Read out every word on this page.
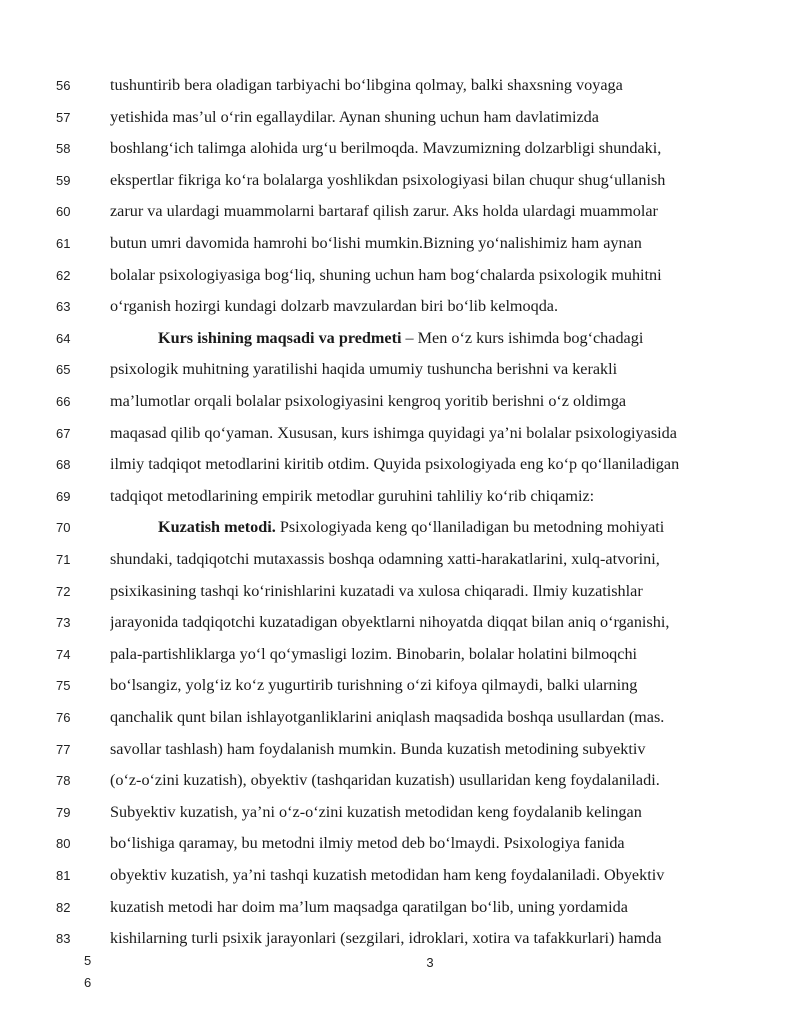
56	tushuntirib bera oladigan tarbiyachi bo‘libgina qolmay, balki shaxsning voyaga
57	yetishida mas’ul o‘rin egallaydilar. Aynan shuning uchun ham davlatimizda
58	boshlang‘ich talimga alohida urg‘u berilmoqda. Mavzumizning dolzarbligi shundaki,
59	ekspertlar fikriga ko‘ra bolalarga yoshlikdan psixologiyasi bilan chuqur shug‘ullanish
60	zarur va ulardagi muammolarni bartaraf qilish zarur. Aks holda ulardagi muammolar
61	butun umri davomida hamrohi bo‘lishi mumkin.Bizning yo‘nalishimiz ham aynan
62	bolalar psixologiyasiga bog‘liq, shuning uchun ham bog‘chalarda psixologik muhitni
63	o‘rganish hozirgi kundagi dolzarb mavzulardan biri bo‘lib kelmoqda.
64	Kurs ishining maqsadi va predmeti – Men o‘z kurs ishimda bog‘chadagi
65	psixologik muhitning yaratilishi haqida umumiy tushuncha berishni va kerakli
66	ma’lumotlar orqali bolalar psixologiyasini kengroq yoritib berishni o‘z oldimga
67	maqasad qilib qo‘yaman. Xususan, kurs ishimga quyidagi ya’ni bolalar psixologiyasida
68	ilmiy tadqiqot metodlarini kiritib otdim. Quyida psixologiyada eng ko‘p qo‘llaniladigan
69	tadqiqot metodlarining empirik metodlar guruhini tahliliy ko‘rib chiqamiz:
70	Kuzatish metodi. Psixologiyada keng qo‘llaniladigan bu metodning mohiyati
71	shundaki, tadqiqotchi mutaxassis boshqa odamning xatti-harakatlarini, xulq-atvorini,
72	psixikasining tashqi ko‘rinishlarini kuzatadi va xulosa chiqaradi. Ilmiy kuzatishlar
73	jarayonida tadqiqotchi kuzatadigan obyektlarni nihoyatda diqqat bilan aniq o‘rganishi,
74	pala-partishliklarga yo‘l qo‘ymasligi lozim. Binobarin, bolalar holatini bilmoqchi
75	bo‘lsangiz, yolg‘iz ko‘z yugurtirib turishning o‘zi kifoya qilmaydi, balki ularning
76	qanchalik qunt bilan ishlayotganliklarini aniqlash maqsadida boshqa usullardan (mas.
77	savollar tashlash) ham foydalanish mumkin. Bunda kuzatish metodining subyektiv
78	(o‘z-o‘zini kuzatish), obyektiv (tashqaridan kuzatish) usullaridan keng foydalaniladi.
79	Subyektiv kuzatish, ya’ni o‘z-o‘zini kuzatish metodidan keng foydalanib kelingan
80	bo‘lishiga qaramay, bu metodni ilmiy metod deb bo‘lmaydi. Psixologiya fanida
81	obyektiv kuzatish, ya’ni tashqi kuzatish metodidan ham keng foydalaniladi. Obyektiv
82	kuzatish metodi har doim ma’lum maqsadga qaratilgan bo‘lib, uning yordamida
83	kishilarning turli psixik jarayonlari (sezgilari, idroklari, xotira va tafakkurlari) hamda
5
6
3
